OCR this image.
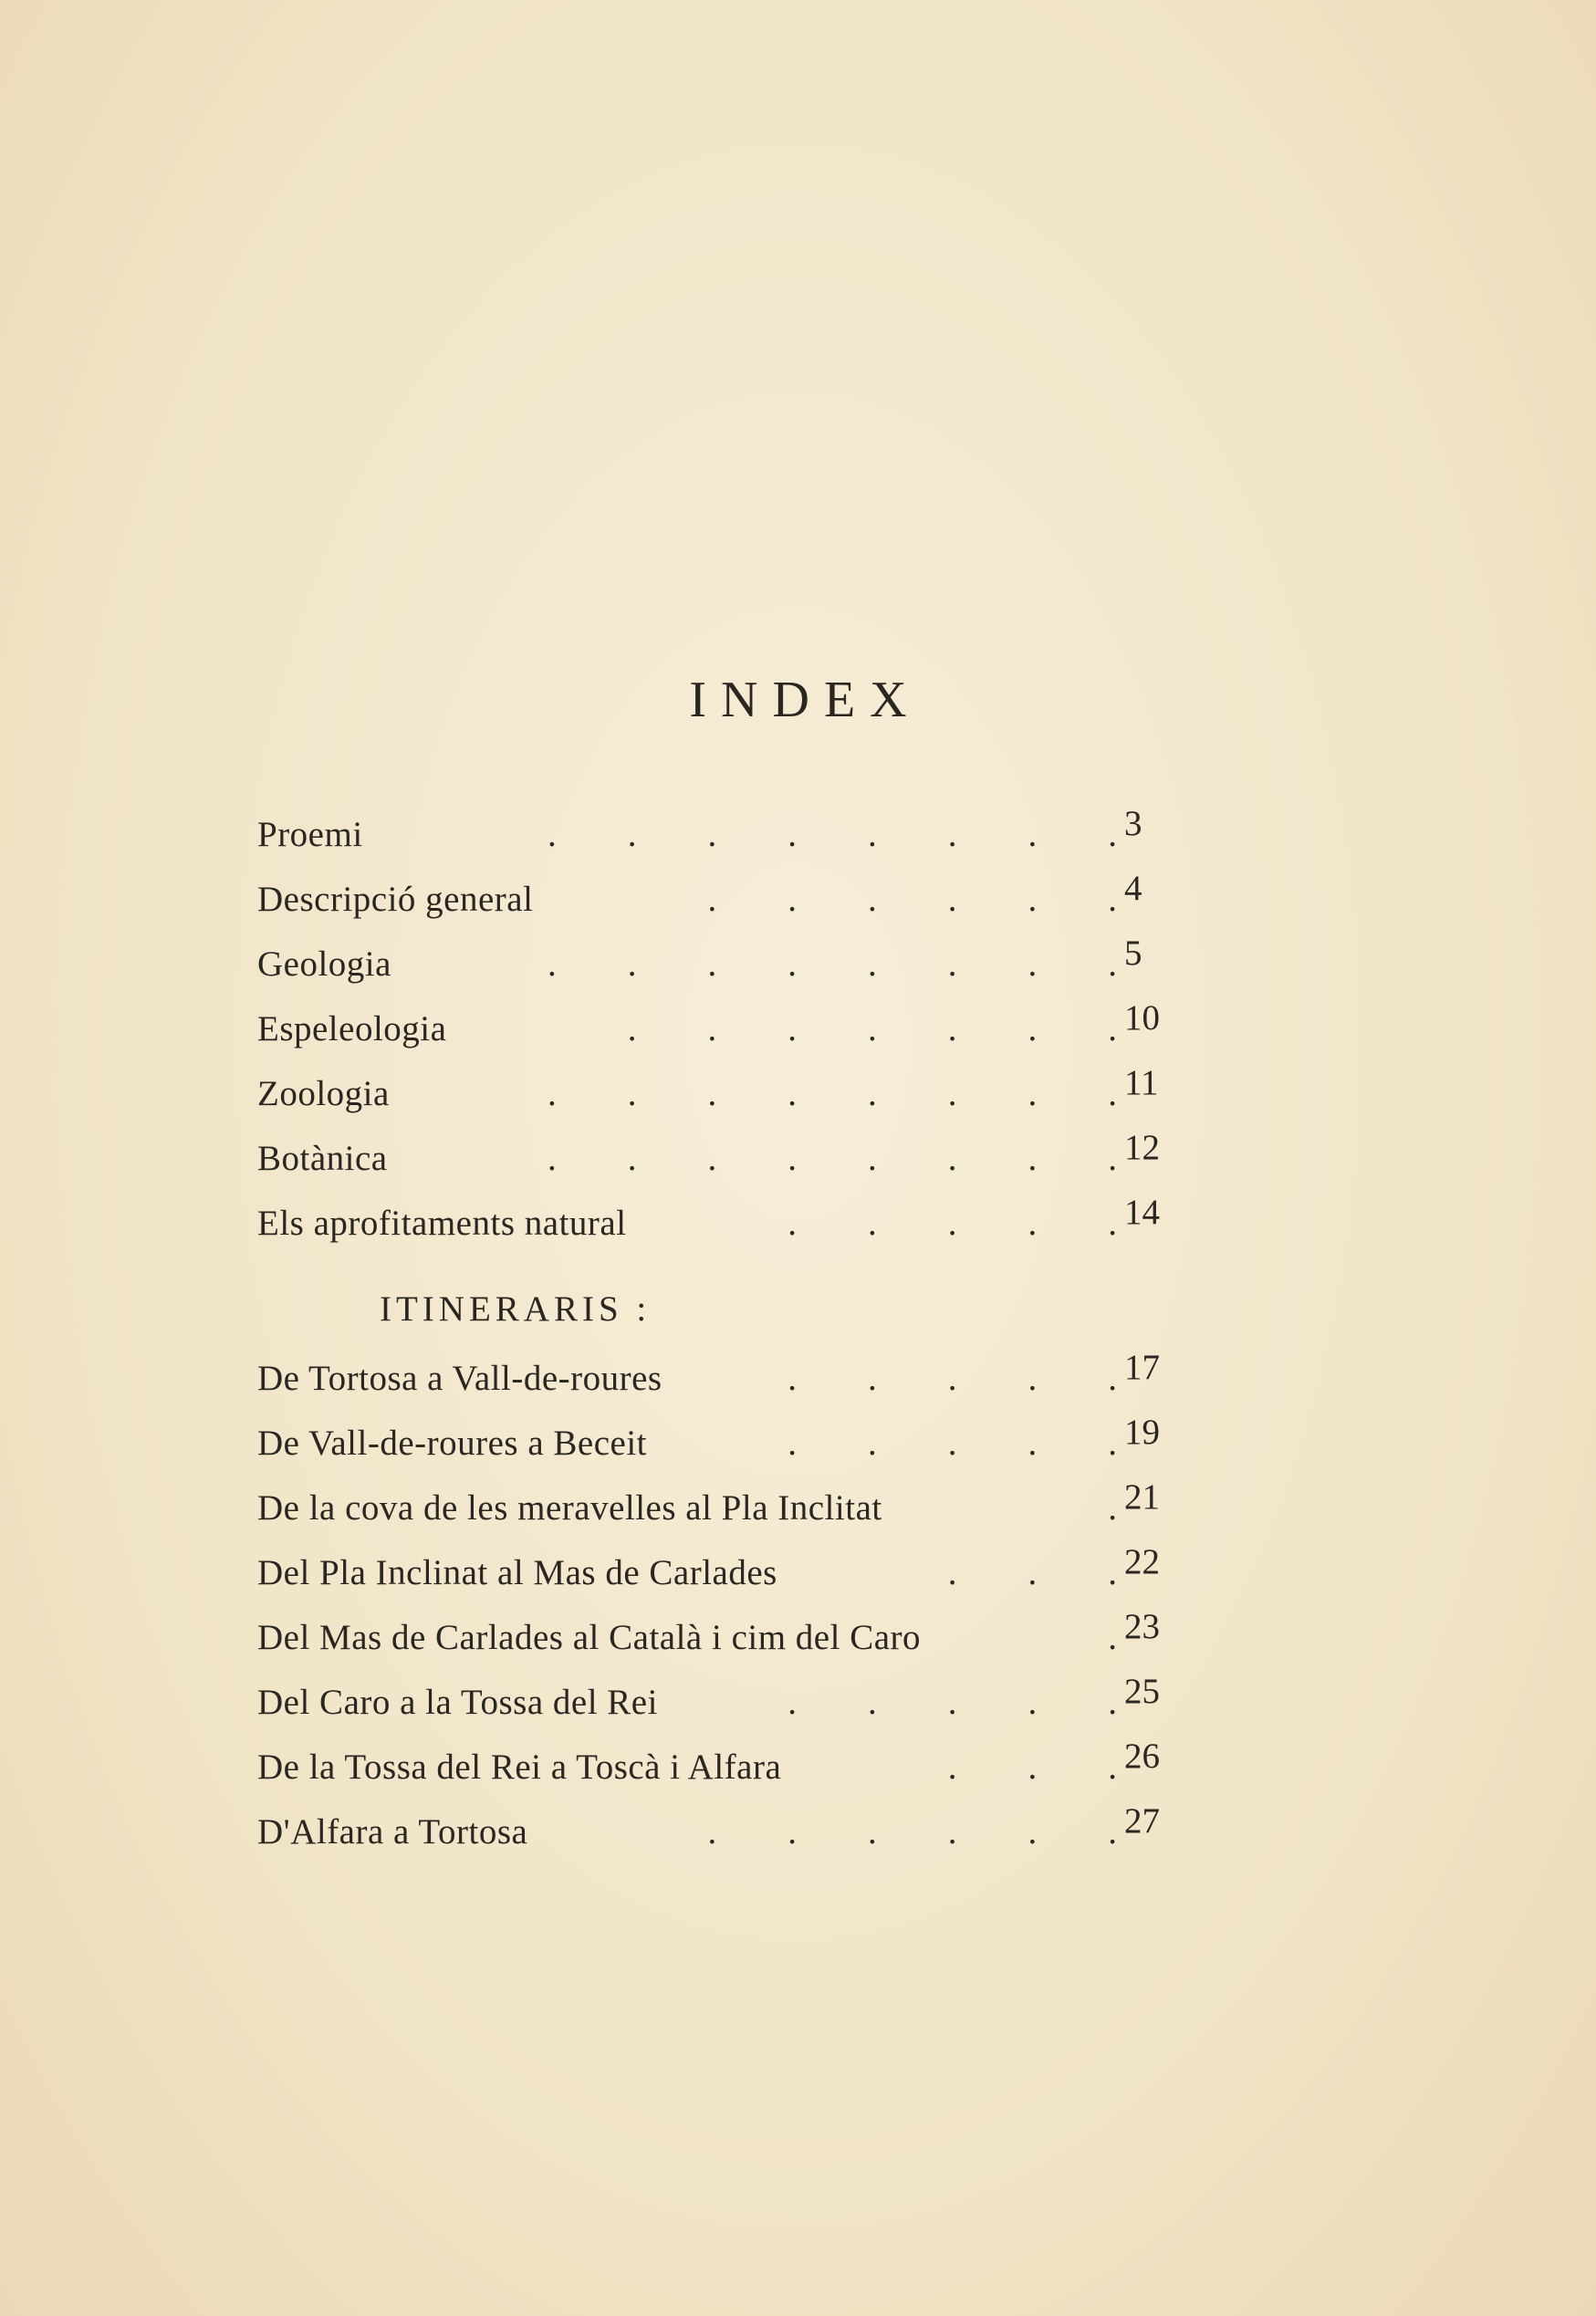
INDEX
Proemi	.  .  .  .  .  .  .  . 3
Descripció general	.  .  .  .  .  . 4
Geologia	.  .  .  .  .  .  .  . 5
Espeleologia	.  .  .  .  .  .  . 10
Zoologia	.  .  .  .  .  .  .  . 11
Botànica	.  .  .  .  .  .  .  . 12
Els aprofitaments natural	.  .  .  .  . 14
ITINERARIS :
De Tortosa a Vall-de-roures	.  .  .  .  . 17
De Vall-de-roures a Beceit	.  .  .  .  . 19
De la cova de les meravelles al Pla Inclitat	. 21
Del Pla Inclinat al Mas de Carlades	.  .  . 22
Del Mas de Carlades al Català i cim del Caro	. 23
Del Caro a la Tossa del Rei	.  .  .  .  . 25
De la Tossa del Rei a Toscà i Alfara	.  .  . 26
D'Alfara a Tortosa	.  .  .  .  .  . 27
